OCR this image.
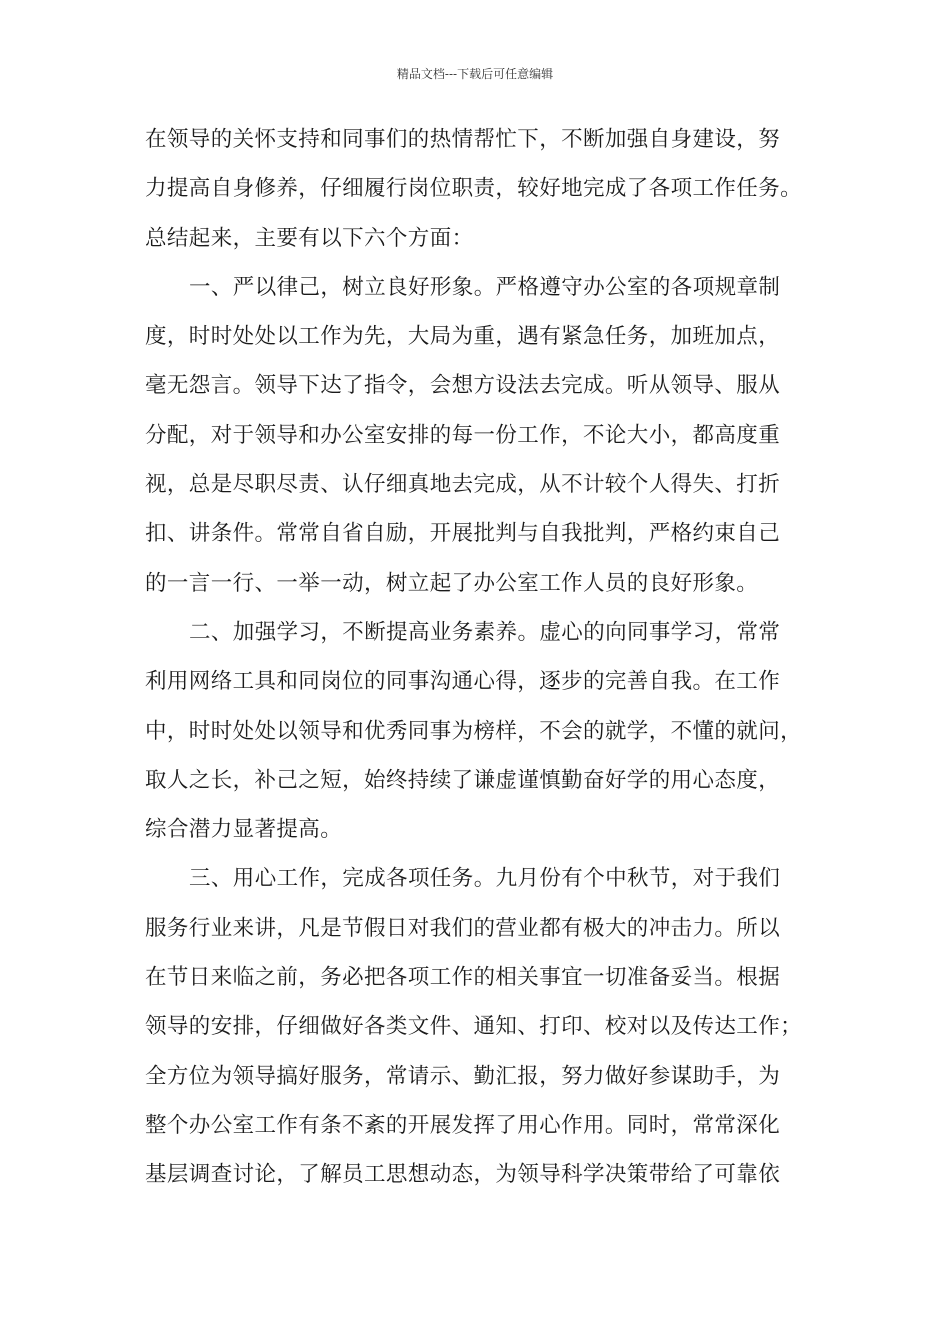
精品文档---下载后可任意编辑
在领导的关怀支持和同事们的热情帮忙下，不断加强自身建设，努
力提高自身修养，仔细履行岗位职责，较好地完成了各项工作任务。
总结起来，主要有以下六个方面：
一、严以律己，树立良好形象。严格遵守办公室的各项规章制
度，时时处处以工作为先，大局为重，遇有紧急任务，加班加点，
毫无怨言。领导下达了指令，会想方设法去完成。听从领导、服从
分配，对于领导和办公室安排的每一份工作，不论大小，都高度重
视，总是尽职尽责、认仔细真地去完成，从不计较个人得失、打折
扣、讲条件。常常自省自励，开展批判与自我批判，严格约束自己
的一言一行、一举一动，树立起了办公室工作人员的良好形象。
二、加强学习，不断提高业务素养。虚心的向同事学习，常常
利用网络工具和同岗位的同事沟通心得，逐步的完善自我。在工作
中，时时处处以领导和优秀同事为榜样，不会的就学，不懂的就问，
取人之长，补己之短，始终持续了谦虚谨慎勤奋好学的用心态度，
综合潜力显著提高。
三、用心工作，完成各项任务。九月份有个中秋节，对于我们
服务行业来讲，凡是节假日对我们的营业都有极大的冲击力。所以
在节日来临之前，务必把各项工作的相关事宜一切准备妥当。根据
领导的安排，仔细做好各类文件、通知、打印、校对以及传达工作；
全方位为领导搞好服务，常请示、勤汇报，努力做好参谋助手，为
整个办公室工作有条不紊的开展发挥了用心作用。同时，常常深化
基层调查讨论，了解员工思想动态，为领导科学决策带给了可靠依
